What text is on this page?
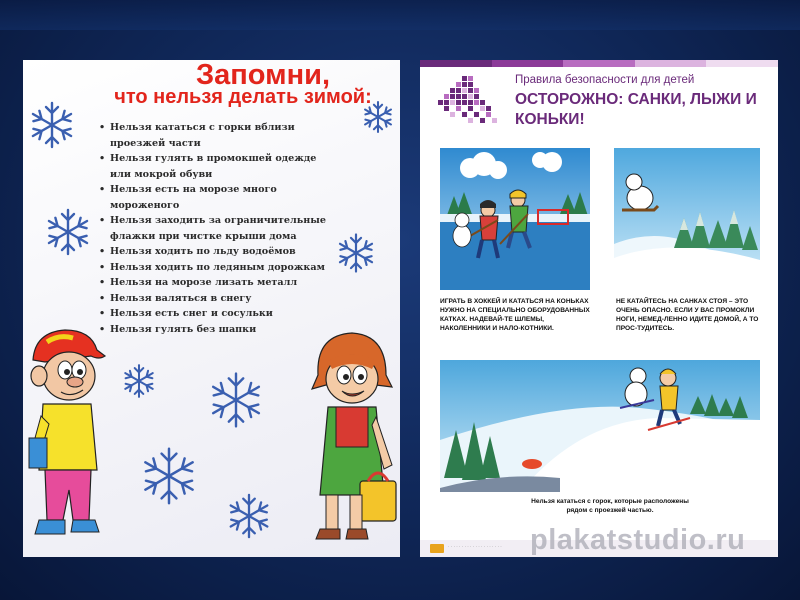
Запомни,
что нельзя делать зимой:
• Нельзя кататься с горки вблизи проезжей части
• Нельзя гулять в промокшей одежде или мокрой обуви
• Нельзя есть на морозе много мороженого
• Нельзя заходить за ограничительные флажки при чистке крыши дома
• Нельзя ходить по льду водоёмов
• Нельзя ходить по ледяным дорожкам
• Нельзя на морозе лизать металл
• Нельзя валяться в снегу
• Нельзя есть снег и сосульки
• Нельзя гулять без шапки
Правила безопасности для детей
ОСТОРОЖНО: САНКИ, ЛЫЖИ И КОНЬКИ!
ИГРАТЬ В ХОККЕЙ И КАТАТЬСЯ НА КОНЬКАХ НУЖНО НА СПЕЦИАЛЬНО ОБОРУДОВАННЫХ КАТКАХ. НАДЕВАЙ-ТЕ ШЛЕМЫ, НАКОЛЕННИКИ И НАЛО-КОТНИКИ.
НЕ КАТАЙТЕСЬ НА САНКАХ СТОЯ – ЭТО ОЧЕНЬ ОПАСНО. ЕСЛИ У ВАС ПРОМОКЛИ НОГИ, НЕМЕД-ЛЕННО ИДИТЕ ДОМОЙ, А ТО ПРОС-ТУДИТЕСЬ.
Нельзя кататься с горок, которые расположены рядом с проезжей частью.
· · · · · · · · · · · · · · · · · · · · plakatstudio.ru
